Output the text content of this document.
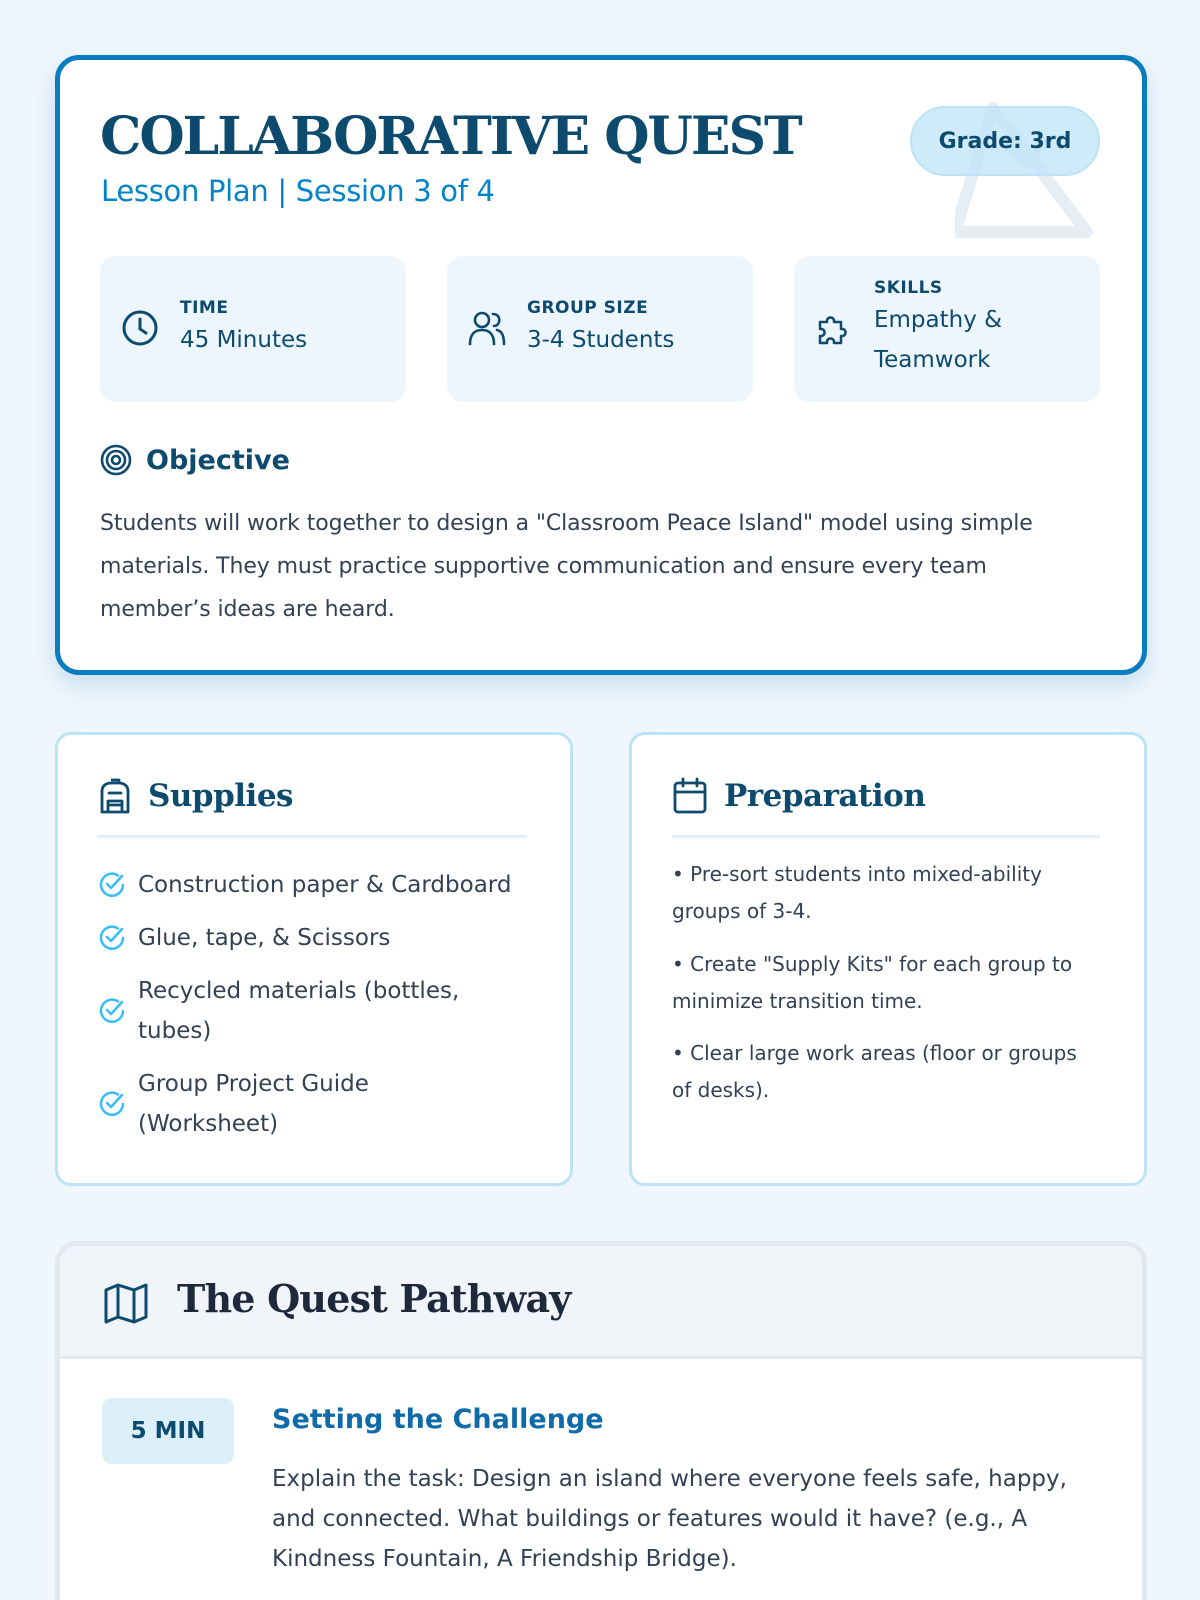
COLLABORATIVE QUEST
Lesson Plan | Session 3 of 4
Grade: 3rd
TIME
45 Minutes
GROUP SIZE
3-4 Students
SKILLS
Empathy & Teamwork
Objective
Students will work together to design a "Classroom Peace Island" model using simple materials. They must practice supportive communication and ensure every team member’s ideas are heard.
Supplies
Construction paper & Cardboard
Glue, tape, & Scissors
Recycled materials (bottles, tubes)
Group Project Guide (Worksheet)
Preparation
• Pre-sort students into mixed-ability groups of 3-4.
• Create "Supply Kits" for each group to minimize transition time.
• Clear large work areas (floor or groups of desks).
The Quest Pathway
5 MIN	Setting the Challenge
Explain the task: Design an island where everyone feels safe, happy, and connected. What buildings or features would it have? (e.g., A Kindness Fountain, A Friendship Bridge).
